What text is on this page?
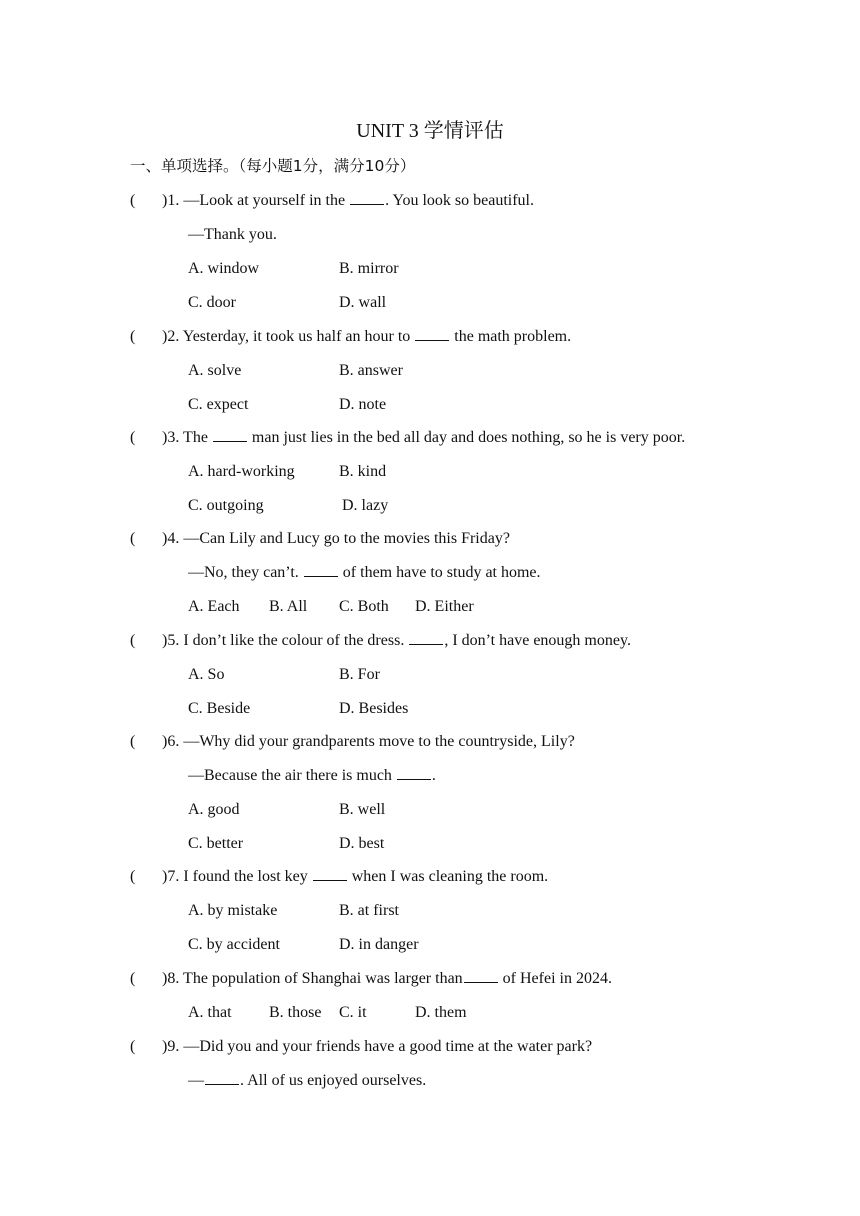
UNIT 3 学情评估
一、单项选择。（每小题1分，满分10分）
( )1. —Look at yourself in the . You look so beautiful.
—Thank you.
A. window	B. mirror
C. door	D. wall
( )2. Yesterday, it took us half an hour to  the math problem.
A. solve	B. answer
C. expect	D. note
( )3. The  man just lies in the bed all day and does nothing, so he is very poor.
A. hard-working	B. kind
C. outgoing	D. lazy
( )4. —Can Lily and Lucy go to the movies this Friday?
—No, they can’t.  of them have to study at home.
A. Each B. All C. Both D. Either
( )5. I don’t like the colour of the dress. , I don’t have enough money.
A. So	B. For
C. Beside	D. Besides
( )6. —Why did your grandparents move to the countryside, Lily?
—Because the air there is much .
A. good	B. well
C. better	D. best
( )7. I found the lost key  when I was cleaning the room.
A. by mistake	B. at first
C. by accident	D. in danger
( )8. The population of Shanghai was larger than of Hefei in 2024.
A. that B. those C. it	D. them
( )9. —Did you and your friends have a good time at the water park?
— . All of us enjoyed ourselves.
